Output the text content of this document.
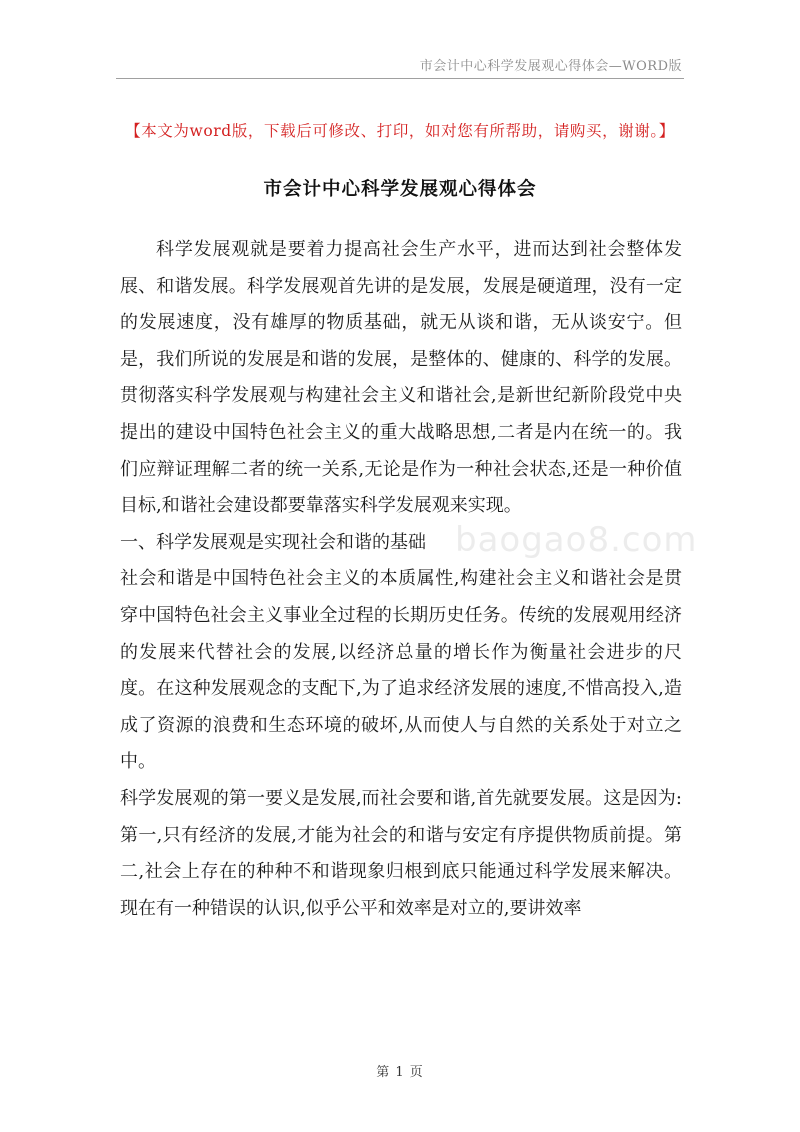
市会计中心科学发展观心得体会—WORD版
【本文为word版，下载后可修改、打印，如对您有所帮助，请购买，谢谢。】
市会计中心科学发展观心得体会

科学发展观就是要着力提高社会生产水平，进而达到社会整体发展、和谐发展。科学发展观首先讲的是发展，发展是硬道理，没有一定的发展速度，没有雄厚的物质基础，就无从谈和谐，无从谈安宁。但是，我们所说的发展是和谐的发展，是整体的、健康的、科学的发展。贯彻落实科学发展观与构建社会主义和谐社会,是新世纪新阶段党中央提出的建设中国特色社会主义的重大战略思想,二者是内在统一的。我们应辩证理解二者的统一关系,无论是作为一种社会状态,还是一种价值目标,和谐社会建设都要靠落实科学发展观来实现。

一、科学发展观是实现社会和谐的基础

社会和谐是中国特色社会主义的本质属性,构建社会主义和谐社会是贯穿中国特色社会主义事业全过程的长期历史任务。传统的发展观用经济的发展来代替社会的发展,以经济总量的增长作为衡量社会进步的尺度。在这种发展观念的支配下,为了追求经济发展的速度,不惜高投入,造成了资源的浪费和生态环境的破坏,从而使人与自然的关系处于对立之中。

科学发展观的第一要义是发展,而社会要和谐,首先就要发展。这是因为:第一,只有经济的发展,才能为社会的和谐与安定有序提供物质前提。第二,社会上存在的种种不和谐现象归根到底只能通过科学发展来解决。现在有一种错误的认识,似乎公平和效率是对立的,要讲效率

baogao8.com
第 1 页
